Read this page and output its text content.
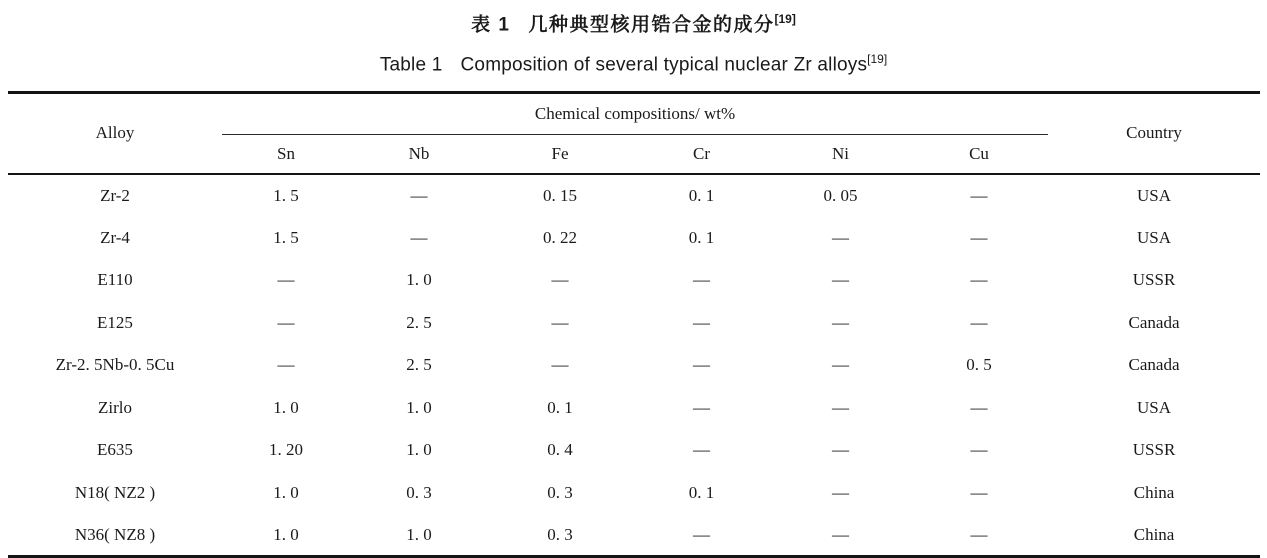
表 1 几种典型核用锆合金的成分[19]
Table 1 Composition of several typical nuclear Zr alloys[19]
Alloy	Chemical compositions/ wt%						Country
	Sn	Nb	Fe	Cr	Ni	Cu	
Zr-2	1. 5	—	0. 15	0. 1	0. 05	—	USA
Zr-4	1. 5	—	0. 22	0. 1	—	—	USA
E110	—	1. 0	—	—	—	—	USSR
E125	—	2. 5	—	—	—	—	Canada
Zr-2. 5Nb-0. 5Cu	—	2. 5	—	—	—	0. 5	Canada
Zirlo	1. 0	1. 0	0. 1	—	—	—	USA
E635	1. 20	1. 0	0. 4	—	—	—	USSR
N18( NZ2 )	1. 0	0. 3	0. 3	0. 1	—	—	China
N36( NZ8 )	1. 0	1. 0	0. 3	—	—	—	China
